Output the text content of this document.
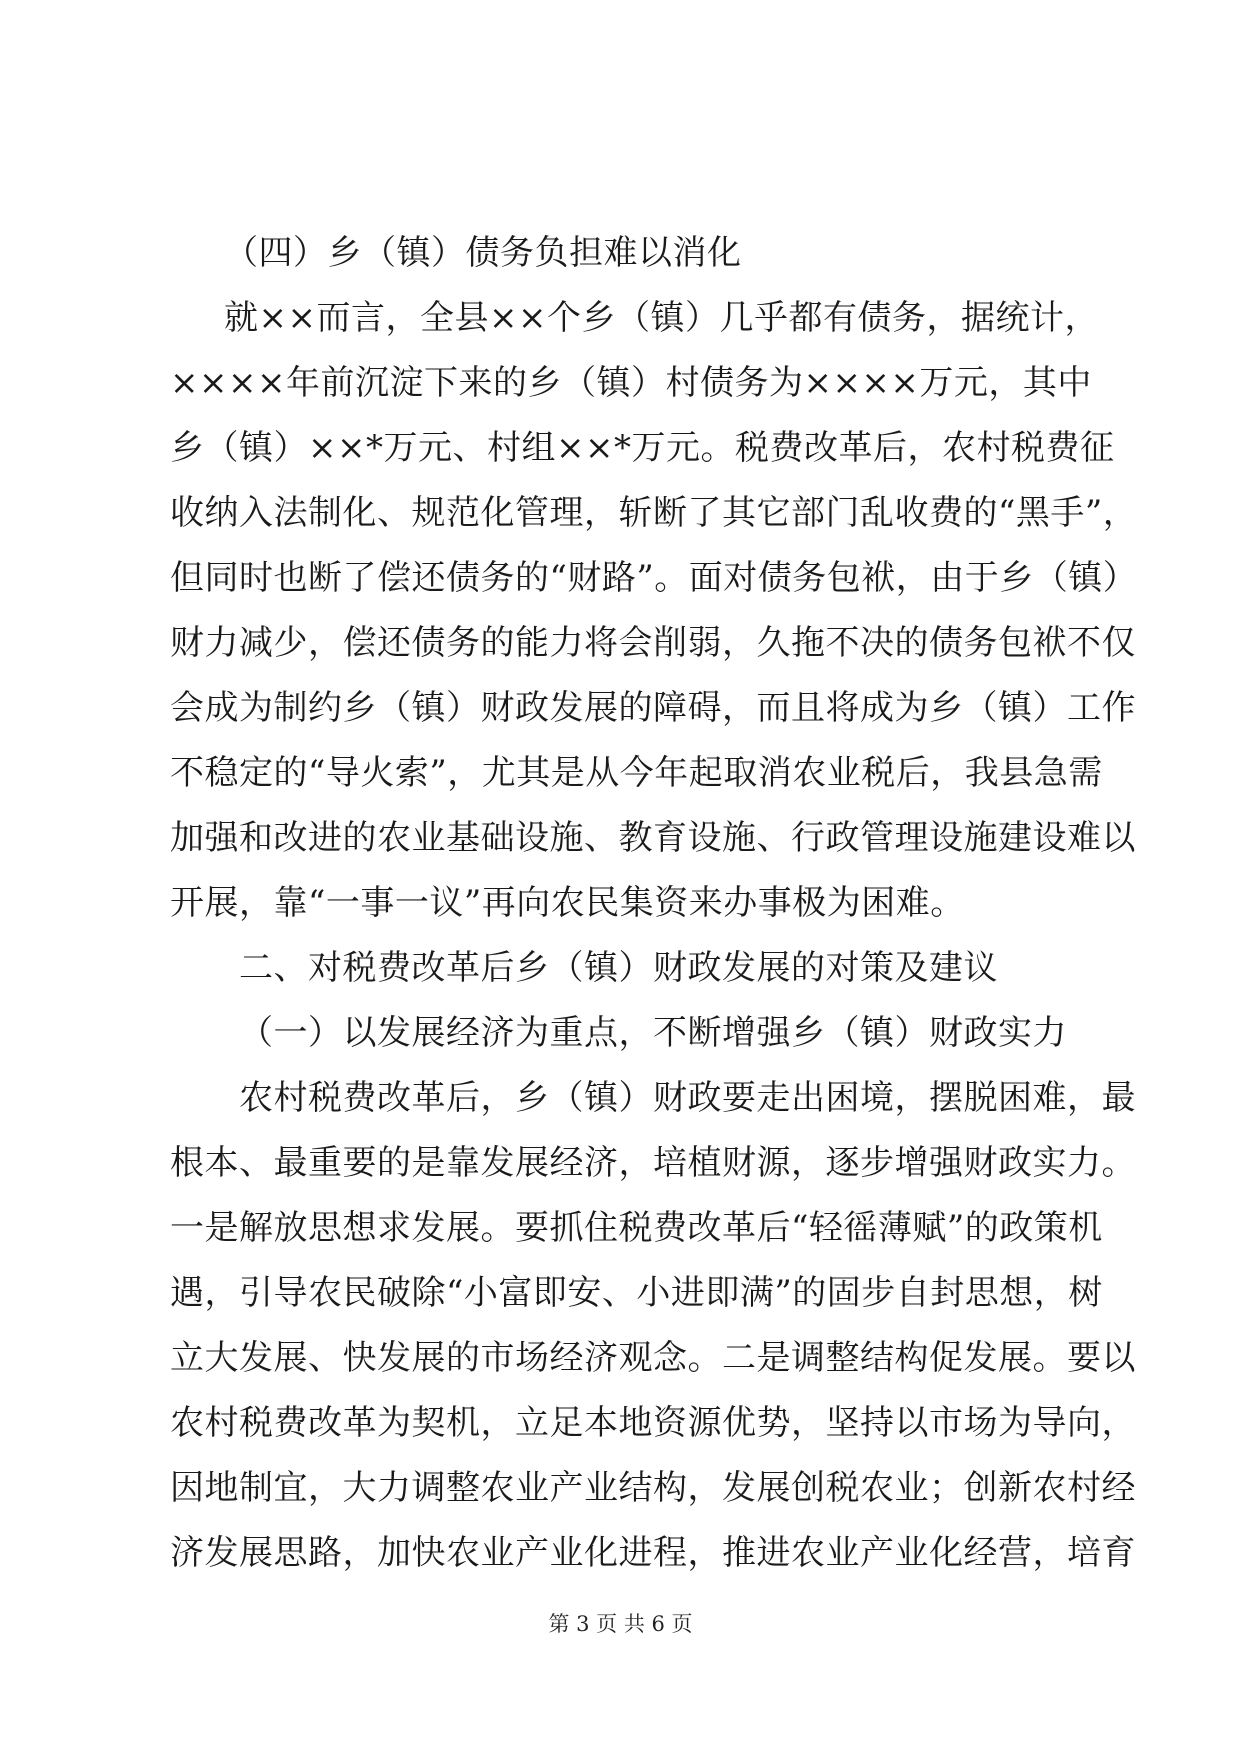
（四）乡（镇）债务负担难以消化
就××而言，全县××个乡（镇）几乎都有债务，据统计，
××××年前沉淀下来的乡（镇）村债务为××××万元，其中
乡（镇）××*万元、村组××*万元。税费改革后，农村税费征
收纳入法制化、规范化管理，斩断了其它部门乱收费的“黑手”，
但同时也断了偿还债务的“财路”。面对债务包袱，由于乡（镇）
财力减少，偿还债务的能力将会削弱，久拖不决的债务包袱不仅
会成为制约乡（镇）财政发展的障碍，而且将成为乡（镇）工作
不稳定的“导火索”，尤其是从今年起取消农业税后，我县急需
加强和改进的农业基础设施、教育设施、行政管理设施建设难以
开展，靠“一事一议”再向农民集资来办事极为困难。
二、对税费改革后乡（镇）财政发展的对策及建议
（一）以发展经济为重点，不断增强乡（镇）财政实力
农村税费改革后，乡（镇）财政要走出困境，摆脱困难，最
根本、最重要的是靠发展经济，培植财源，逐步增强财政实力。
一是解放思想求发展。要抓住税费改革后“轻徭薄赋”的政策机
遇，引导农民破除“小富即安、小进即满”的固步自封思想，树
立大发展、快发展的市场经济观念。二是调整结构促发展。要以
农村税费改革为契机，立足本地资源优势，坚持以市场为导向，
因地制宜，大力调整农业产业结构，发展创税农业；创新农村经
济发展思路，加快农业产业化进程，推进农业产业化经营，培育
第 3 页 共 6 页
